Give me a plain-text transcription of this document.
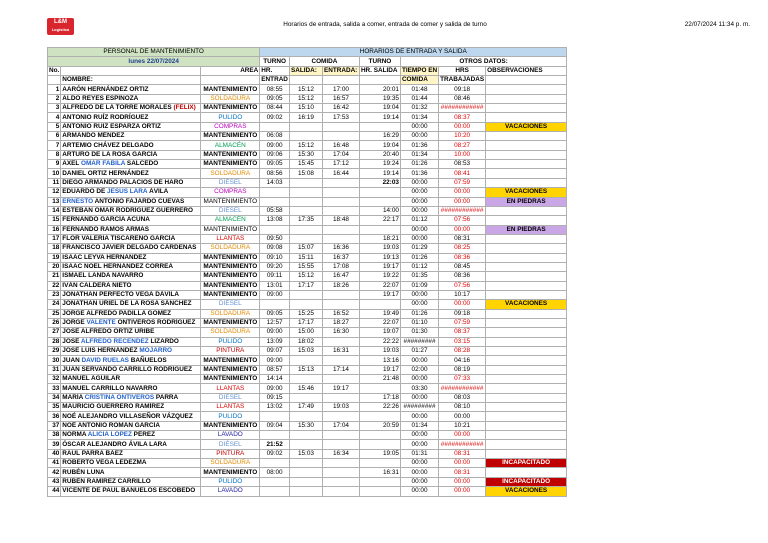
L&M
Logística
Horarios de entrada, salida a comer, entrada de comer y salida de turno	22/07/2024 11:34 p. m.
PERSONAL DE MANTENIMIENTO			HORARIOS DE ENTRADA Y SALIDA						
lunes 22/07/2024			TURNO	COMIDA		TURNO	OTROS DATOS:		
No.		AREA	HR.	SALIDA:	ENTRADA:	HR. SALIDA	TIEMPO EN	HRS	OBSERVACIONES
	NOMBRE:		ENTRAD				COMIDA	TRABAJADAS	
1	AARÓN HERNÁNDEZ ORTIZ	MANTENIMIENTO	08:55	15:12	17:00	20:01	01:48	09:18	
2	ALDO REYES ESPINOZA	SOLDADURA	09:05	15:12	16:57	19:35	01:44	08:46	
3	ALFREDO DE LA TORRE MORALES (FÉLIX)	MANTENIMIENTO	08:44	15:10	16:42	19:04	01:32	############	
4	ANTONIO RUÍZ RODRÍGUEZ	PULIDO	09:02	16:19	17:53	19:14	01:34	08:37	
5	ANTONIO RUIZ ESPARZA ORTIZ	COMPRAS					00:00	00:00	VACACIONES
6	ARMANDO MÉNDEZ	MANTENIMIENTO	06:08			16:29	00:00	10:20	
7	ARTEMIO CHÁVEZ DELGADO	ALMACÉN	09:00	15:12	16:48	19:04	01:36	08:27	
8	ARTURO DE LA ROSA GARCÍA	MANTENIMIENTO	09:06	15:30	17:04	20:40	01:34	10:00	
9	AXEL OMAR FABILA SALCEDO	MANTENIMIENTO	09:05	15:45	17:12	19:24	01:26	08:53	
10	DANIEL ORTIZ HERNÁNDEZ	SOLDADURA	08:56	15:08	16:44	19:14	01:36	08:41	
11	DIEGO ARMANDO PALACIOS DE HARO	DIÉSEL	14:03			22:03	00:00	07:59	
12	EDUARDO DE JESÚS LARA ÁVILA	COMPRAS					00:00	00:00	VACACIONES
13	ERNESTO ANTONIO FAJARDO CUEVAS	MANTENIMIENTO					00:00	00:00	EN PIEDRAS
14	ESTEBAN OMAR RODRÍGUEZ GUERRERO	DIÉSEL	05:58			14:00	00:00	############	
15	FERNANDO GARCÍA ACUÑA	ALMACÉN	13:08	17:35	18:48	22:17	01:12	07:56	
16	FERNANDO RAMOS ARMAS	MANTENIMIENTO					00:00	00:00	EN PIEDRAS
17	FLOR VALERIA TISCAREÑO GARCÍA	LLANTAS	09:50			18:21	00:00	08:31	
18	FRANCISCO JAVIER DELGADO CÁRDENAS	SOLDADURA	09:08	15:07	16:36	19:03	01:29	08:25	
19	ISAAC LEYVA HERNÁNDEZ	MANTENIMIENTO	09:10	15:11	16:37	19:13	01:26	08:36	
20	ISAAC NOEL HERNÁNDEZ CORREA	MANTENIMIENTO	09:20	15:55	17:08	19:17	01:12	08:45	
21	ISMAEL LANDA NAVARRO	MANTENIMIENTO	09:11	15:12	16:47	19:22	01:35	08:36	
22	IVÁN CALDERA NIETO	MANTENIMIENTO	13:01	17:17	18:26	22:07	01:09	07:56	
23	JONATHAN PERFECTO VEGA DÁVILA	MANTENIMIENTO	09:00			19:17	00:00	10:17	
24	JONATHAN URIEL DE LA ROSA SÁNCHEZ	DIÉSEL					00:00	00:00	VACACIONES
25	JORGE ALFREDO PADILLA GÓMEZ	SOLDADURA	09:05	15:25	16:52	19:49	01:26	09:18	
26	JORGE VALENTE ONTIVEROS RODRÍGUEZ	MANTENIMIENTO	12:57	17:17	18:27	22:07	01:10	07:59	
27	JOSÉ ALFREDO ORTIZ URIBE	SOLDADURA	09:00	15:00	16:30	19:07	01:30	08:37	
28	JOSÉ ALFREDO RECENDEZ LIZARDO	PULIDO	13:09	18:02		22:22	#########	03:15	
29	JOSÉ LUIS HERNÁNDEZ MOJARRO	PINTURA	09:07	15:03	16:31	19:03	01:27	08:28	
30	JUAN DAVID RUELAS BAÑUELOS	MANTENIMIENTO	09:00			13:16	00:00	04:16	
31	JUAN SERVANDO CARRILLO RODRÍGUEZ	MANTENIMIENTO	08:57	15:13	17:14	19:17	02:00	08:19	
32	MANUEL AGUILAR	MANTENIMIENTO	14:14			21:48	00:00	07:33	
33	MANUEL CARRILLO NAVARRO	LLANTAS	09:00	15:46	19:17		03:30	############	
34	MARÍA CRISTINA ONTIVEROS PARRA	DIÉSEL	09:15			17:18	00:00	08:03	
35	MAURICIO GUERRERO RAMÍREZ	LLANTAS	13:02	17:49	19:03	22:26	#########	08:10	
36	NOÉ ALEJANDRO VILLASEÑOR VÁZQUEZ	PULIDO					00:00	00:00	
37	NOÉ ANTONIO ROMÁN GARCÍA	MANTENIMIENTO	09:04	15:30	17:04	20:59	01:34	10:21	
38	NORMA ALICIA LÓPEZ PÉREZ	LAVADO					00:00	00:00	
39	ÓSCAR ALEJANDRO ÁVILA LARA	DIÉSEL	21:52				00:00	############	
40	RAÚL PARRA BÁEZ	PINTURA	09:02	15:03	16:34	19:05	01:31	08:31	
41	ROBERTO VEGA LEDEZMA	SOLDADURA					00:00	00:00	INCAPACITADO
42	RUBÉN LUNA	MANTENIMIENTO	08:00			16:31	00:00	08:31	
43	RUBÉN RAMÍREZ CARRILLO	PULIDO					00:00	00:00	INCAPACITADO
44	VICENTE DE PAÚL BAÑUELOS ESCOBEDO	LAVADO					00:00	00:00	VACACIONES
